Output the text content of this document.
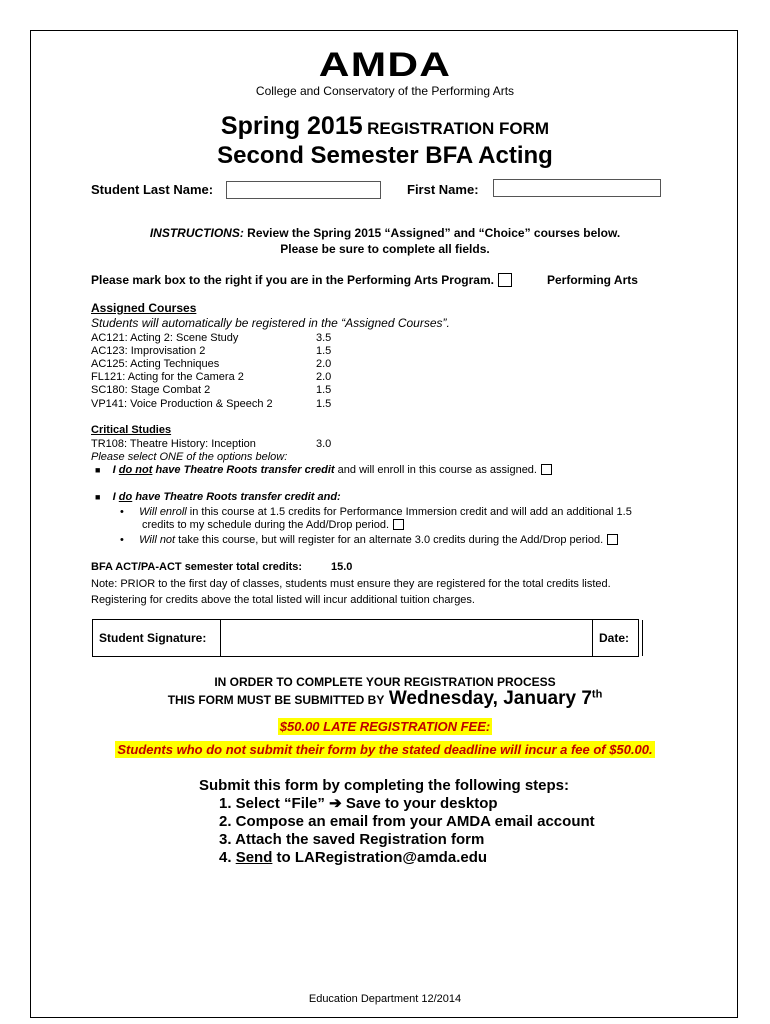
AMDA
College and Conservatory of the Performing Arts
Spring 2015 REGISTRATION FORM
Second Semester BFA Acting
Student Last Name:	First Name:
INSTRUCTIONS: Review the Spring 2015 “Assigned” and “Choice” courses below.
Please be sure to complete all fields.
Please mark box to the right if you are in the Performing Arts Program.	Performing Arts
Assigned Courses
Students will automatically be registered in the “Assigned Courses”.
AC121: Acting 2: Scene Study	3.5
AC123: Improvisation 2	1.5
AC125: Acting Techniques	2.0
FL121: Acting for the Camera 2	2.0
SC180: Stage Combat 2	1.5
VP141: Voice Production & Speech 2	1.5
Critical Studies
TR108: Theatre History: Inception	3.0
Please select ONE of the options below:
■ I do not have Theatre Roots transfer credit and will enroll in this course as assigned.
■ I do have Theatre Roots transfer credit and:
• Will enroll in this course at 1.5 credits for Performance Immersion credit and will add an additional 1.5
credits to my schedule during the Add/Drop period.
• Will not take this course, but will register for an alternate 3.0 credits during the Add/Drop period.
BFA ACT/PA-ACT semester total credits:	15.0
Note: PRIOR to the first day of classes, students must ensure they are registered for the total credits listed.
Registering for credits above the total listed will incur additional tuition charges.
Student Signature:	Date:
IN ORDER TO COMPLETE YOUR REGISTRATION PROCESS
THIS FORM MUST BE SUBMITTED BY Wednesday, January 7th
$50.00 LATE REGISTRATION FEE:
Students who do not submit their form by the stated deadline will incur a fee of $50.00.
Submit this form by completing the following steps:
1. Select “File” ➔ Save to your desktop
2. Compose an email from your AMDA email account
3. Attach the saved Registration form
4. Send to LARegistration@amda.edu
Education Department 12/2014
